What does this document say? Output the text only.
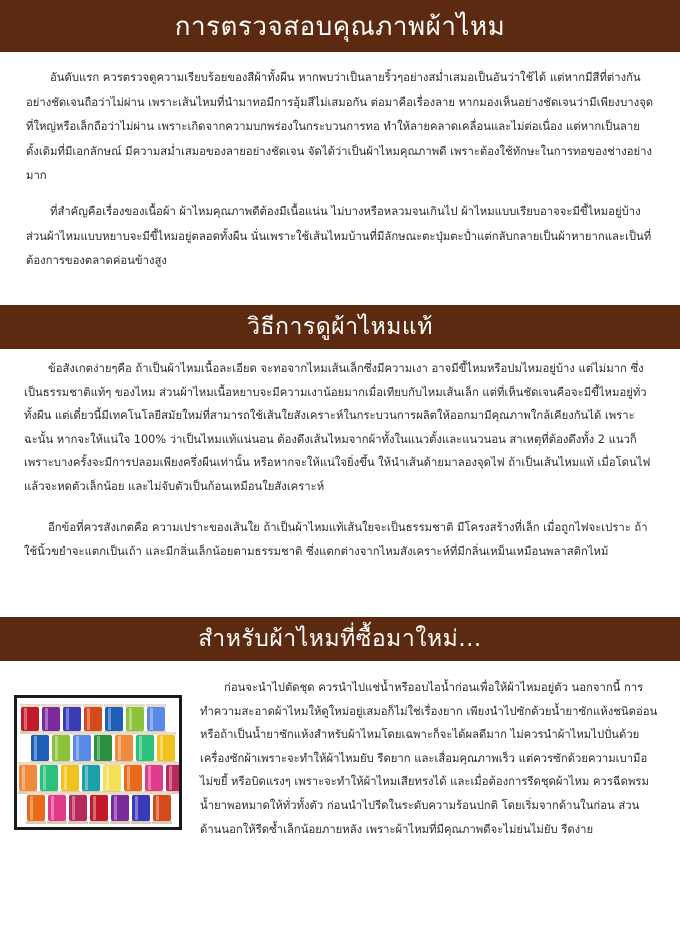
การตรวจสอบคุณภาพผ้าไหม

อันดับแรก ควรตรวจดูความเรียบร้อยของสีผ้าทั้งผืน หากพบว่าเป็นลายริ้วๆอย่างสม่ำเสมอเป็นอันว่าใช้ได้ แต่หากมีสีที่ต่างกันอย่างชัดเจนถือว่าไม่ผ่าน เพราะเส้นไหมที่นำมาทอมีการอุ้มสีไม่เสมอกัน ต่อมาคือเรื่องลาย หากมองเห็นอย่างชัดเจนว่ามีเพียงบางจุดที่ใหญ่หรือเล็กถือว่าไม่ผ่าน เพราะเกิดจากความบกพร่องในกระบวนการทอ ทำให้ลายคลาดเคลื่อนและไม่ต่อเนื่อง แต่หากเป็นลายดั้งเดิมที่มีเอกลักษณ์ มีความสม่ำเสมอของลายอย่างชัดเจน จัดได้ว่าเป็นผ้าไหมคุณภาพดี เพราะต้องใช้ทักษะในการทอของช่างอย่างมาก

ที่สำคัญคือเรื่องของเนื้อผ้า ผ้าไหมคุณภาพดีต้องมีเนื้อแน่น ไม่บางหรือหลวมจนเกินไป ผ้าไหมแบบเรียบอาจจะมีขี้ไหมอยู่บ้าง ส่วนผ้าไหมแบบหยาบจะมีขี้ไหมอยู่ตลอดทั้งผืน นั่นเพราะใช้เส้นไหมบ้านที่มีลักษณะตะปุ่มตะป่ำแต่กลับกลายเป็นผ้าหายากและเป็นที่ต้องการของตลาดค่อนข้างสูง

วิธีการดูผ้าไหมแท้

ข้อสังเกตง่ายๆคือ ถ้าเป็นผ้าไหมเนื้อละเอียด จะทอจากไหมเส้นเล็กซึ่งมีความเงา อาจมีขี้ไหมหรือปมไหมอยู่บ้าง แต่ไม่มาก ซึ่งเป็นธรรมชาติแท้ๆ ของไหม ส่วนผ้าไหมเนื้อหยาบจะมีความเงาน้อยมากเมื่อเทียบกับไหมเส้นเล็ก แต่ที่เห็นชัดเจนคือจะมีขี้ไหมอยู่ทั่วทั้งผืน แต่เดี๋ยวนี้มีเทคโนโลยีสมัยใหม่ที่สามารถใช้เส้นใยสังเคราะห์ในกระบวนการผลิตให้ออกมามีคุณภาพใกล้เคียงกันได้ เพราะฉะนั้น หากจะให้แน่ใจ 100% ว่าเป็นไหมแท้แน่นอน ต้องดึงเส้นไหมจากผ้าทั้งในแนวตั้งและแนวนอน สาเหตุที่ต้องดึงทั้ง 2 แนวก็เพราะบางครั้งจะมีการปลอมเพียงครึ่งผืนเท่านั้น หรือหากจะให้แน่ใจยิ่งขึ้น ให้นำเส้นด้ายมาลองจุดไฟ ถ้าเป็นเส้นไหมแท้ เมื่อโดนไฟแล้วจะหดตัวเล็กน้อย และไม่จับตัวเป็นก้อนเหมือนใยสังเคราะห์

อีกข้อที่ควรสังเกตคือ ความเปราะของเส้นใย ถ้าเป็นผ้าไหมแท้เส้นใยจะเป็นธรรมชาติ มีโครงสร้างที่เล็ก เมื่อถูกไฟจะเปราะ ถ้าใช้นิ้วขยำจะแตกเป็นเถ้า และมีกลิ่นเล็กน้อยตามธรรมชาติ ซึ่งแตกต่างจากไหมสังเคราะห์ที่มีกลิ่นเหม็นเหมือนพลาสติกไหม้

สำหรับผ้าไหมที่ซื้อมาใหม่...

ก่อนจะนำไปตัดชุด ควรนำไปแช่น้ำหรืออบไอน้ำก่อนเพื่อให้ผ้าไหมอยู่ตัว นอกจากนี้ การทำความสะอาดผ้าไหมให้ดูใหม่อยู่เสมอก็ไม่ใช่เรื่องยาก เพียงนำไปซักด้วยน้ำยาซักแห้งชนิดอ่อน หรือถ้าเป็นน้ำยาซักแห้งสำหรับผ้าไหมโดยเฉพาะก็จะได้ผลดีมาก ไม่ควรนำผ้าไหมไปปั่นด้วยเครื่องซักผ้าเพราะจะทำให้ผ้าไหมยับ รีดยาก และเสื่อมคุณภาพเร็ว แต่ควรซักด้วยความเบามือ ไม่ขยี้ หรือบิดแรงๆ เพราะจะทำให้ผ้าไหมเสียทรงได้ และเมื่อต้องการรีดชุดผ้าไหม ควรฉีดพรมน้ำยาพอหมาดให้ทั่วทั้งตัว ก่อนนำไปรีดในระดับความร้อนปกติ โดยเริ่มจากด้านในก่อน ส่วนด้านนอกให้รีดซ้ำเล็กน้อยภายหลัง เพราะผ้าไหมที่มีคุณภาพดีจะไม่ย่นไม่ยับ รีดง่าย
